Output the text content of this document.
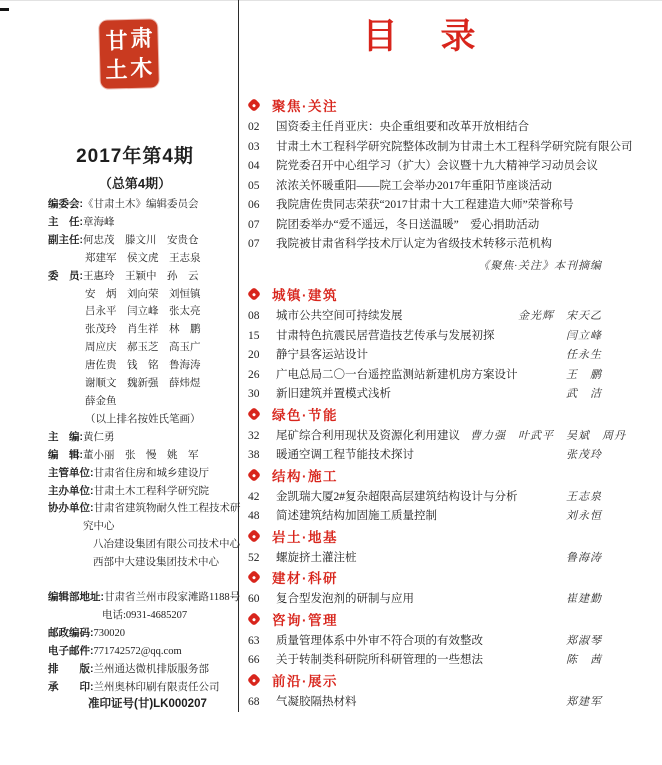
甘 肃
土 木
2017年第4期
（总第4期）
编委会: 《甘肃土木》编辑委员会
主　任: 章海峰
副主任: 何忠茂　滕文川　安贵仓
郑建军　侯文虎　王志泉
委　员: 王惠玲　王颖中　孙　云
安　炳　刘向荣　刘恒镇
吕永平　闫立峰　张太亮
张茂玲　肖生祥　林　鹏
周应庆　郝玉芝　高玉广
唐佐贵　钱　铭　鲁海涛
谢顺文　魏新强　薛炜煜
薛金鱼
（以上排名按姓氏笔画）
主　编: 黄仁勇
编　辑: 董小丽　张　慢　姚　军
主管单位: 甘肃省住房和城乡建设厅
主办单位: 甘肃土木工程科学研究院
协办单位: 甘肃省建筑物耐久性工程技术研
究中心
八冶建设集团有限公司技术中心
西部中大建设集团技术中心
编辑部地址: 甘肃省兰州市段家滩路1188号
电话:0931-4685207
邮政编码: 730020
电子邮件: 771742572@qq.com
排　　版: 兰州通达微机排版服务部
承　　印: 兰州奥林印刷有限责任公司
准印证号(甘)LK000207
目　录
聚焦·关注
02	国资委主任肖亚庆：央企重组要和改革开放相结合
03	甘肃土木工程科学研究院整体改制为甘肃土木工程科学研究院有限公司
04	院党委召开中心组学习（扩大）会议暨十九大精神学习动员会议
05	浓浓关怀暖重阳——院工会举办2017年重阳节座谈活动
06	我院唐佐贵同志荣获“2017甘肃十大工程建造大师”荣誉称号
07	院团委举办“爱不遥远，冬日送温暖”　爱心捐助活动
07	我院被甘肃省科学技术厅认定为省级技术转移示范机构
《聚焦·关注》本刊摘编
城镇·建筑
08	城市公共空间可持续发展	金光辉　宋天乙
15	甘肃特色抗震民居营造技艺传承与发展初探	闫立峰
20	静宁县客运站设计	任永生
26	广电总局二〇一台遥控监测站新建机房方案设计	王　鹏
30	新旧建筑并置模式浅析	武　洁
绿色·节能
32	尾矿综合利用现状及资源化利用建议 曹力强　叶武平　吴斌　周丹
38	暖通空调工程节能技术探讨	张茂玲
结构·施工
42	金凯瑞大厦2#复杂超限高层建筑结构设计与分析	王志泉
48	简述建筑结构加固施工质量控制	刘永恒
岩土·地基
52	螺旋挤土灌注桩	鲁海涛
建材·科研
60	复合型发泡剂的研制与应用	崔建勤
咨询·管理
63	质量管理体系中外审不符合项的有效整改	郑淑琴
66	关于转制类科研院所科研管理的一些想法	陈　茜
前沿·展示
68	气凝胶隔热材料	郑建军
